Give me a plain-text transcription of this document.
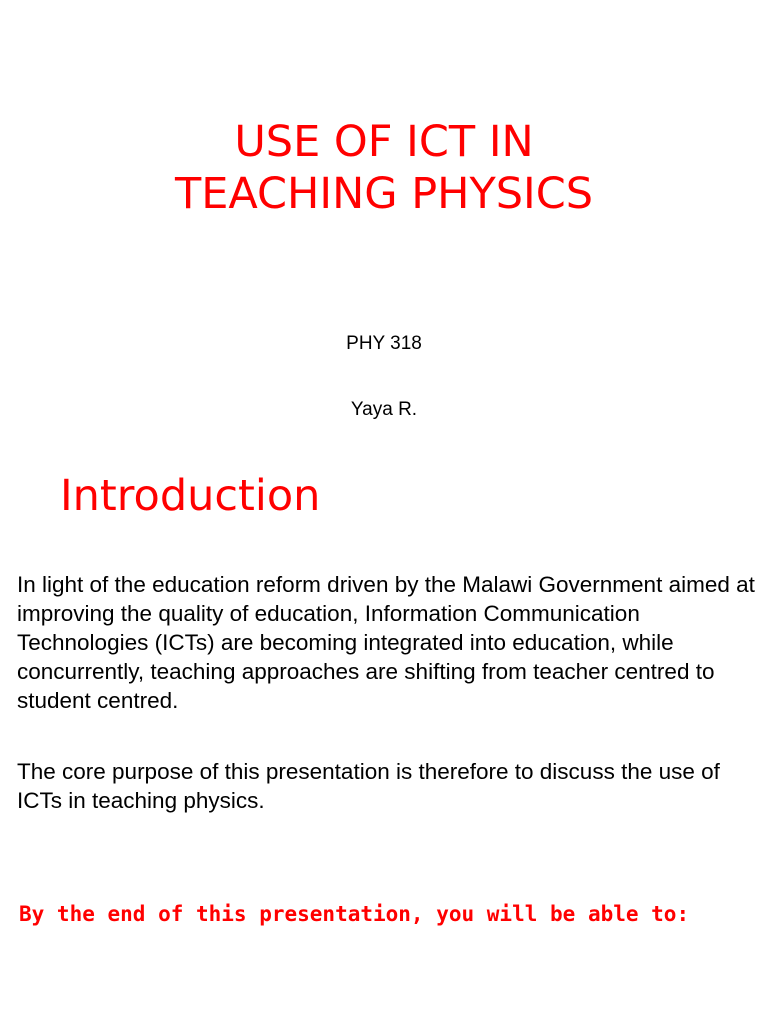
USE OF ICT IN
TEACHING PHYSICS
PHY 318
Yaya R.
Introduction

In light of the education reform driven by the Malawi Government aimed at improving the quality of education, Information Communication Technologies (ICTs) are becoming integrated into education, while concurrently, teaching approaches are shifting from teacher centred to student centred.

The core purpose of this presentation is therefore to discuss the use of ICTs in teaching physics.

By the end of this presentation, you will be able to:
